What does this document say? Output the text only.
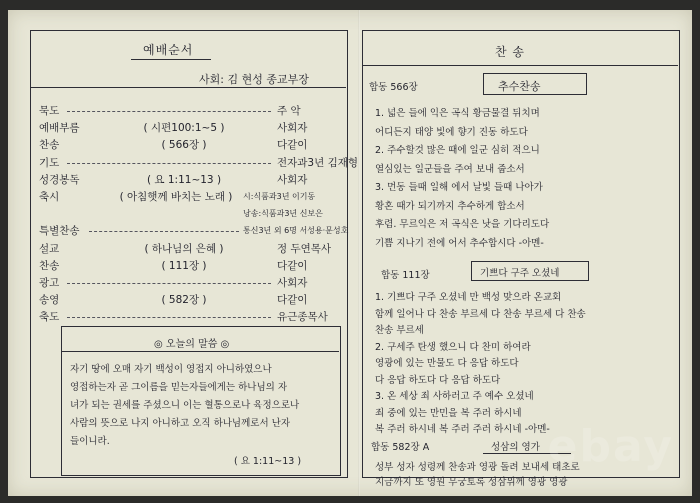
예배순서
사회: 김 현성 종교부장
묵도	주 악
예배부름	( 시편100:1~5 )	사회자
찬송	( 566장 )	다같이
기도	전자과3년 김재형
성경봉독	( 요 1:11~13 )	사회자
축시	( 아침햇께 바치는 노래 )	시:식품과3년 이기동
낭송:식품과3년 신보은
특별찬송	통신3년 외 6명 서성용·문성호
설교	( 하나님의 은혜 )	정 두연목사
찬송	( 111장 )	다같이
광고	사회자
송영	( 582장 )	다같이
축도	유근종목사
◎ 오늘의 말씀 ◎
자기 땅에 오매 자기 백성이 영접지 아니하였으나
영접하는자 곧 그이름을 믿는자들에게는 하나님의 자
녀가 되는 권세를 주셨으니 이는 혈통으로나 육정으로나
사람의 뜻으로 나지 아니하고 오직 하나님께로서 난자
들이니라.
( 요 1:11~13 )
찬 송
합동 566장	추수찬송
1. 넓은 들에 익은 곡식 황금물결 뒤치며
어디든지 태양 빛에 향기 진동 하도다
2. 주수할것 많은 때에 일군 심히 적으니
열심있는 일군들을 주여 보내 줍소서
3. 먼동 들때 일해 에서 날빛 들때 나아가
황혼 때가 되기까지 추수하게 합소서
후렴. 무르익은 저 곡식은 낫을 기다리도다
기쁨 지나기 전에 어서 추수합시다 -아멘-
합동 111장	기쁘다 구주 오셨네
1. 기쁘다 구주 오셨네 만 백성 맞으라 온교회
함께 일어나 다 찬송 부르세 다 찬송 부르세 다 찬송
찬송 부르세
2. 구세주 탄생 했으니 다 찬미 하여라
영광에 있는 만물도 다 응답 하도다
다 응답 하도다 다 응답 하도다
3. 온 세상 죄 사하러고 주 예수 오셨네
죄 중에 있는 만민을 복 주러 하시네
복 주러 하시네 복 주러 주러 하시네 -아멘-
합동 582장 A	성삼의 영가
성부 성자 성령께 찬송과 영광 돌려 보내세 태초로
지금까지 또 영원 무궁토록 성삼위께 영광 영광
ebay
